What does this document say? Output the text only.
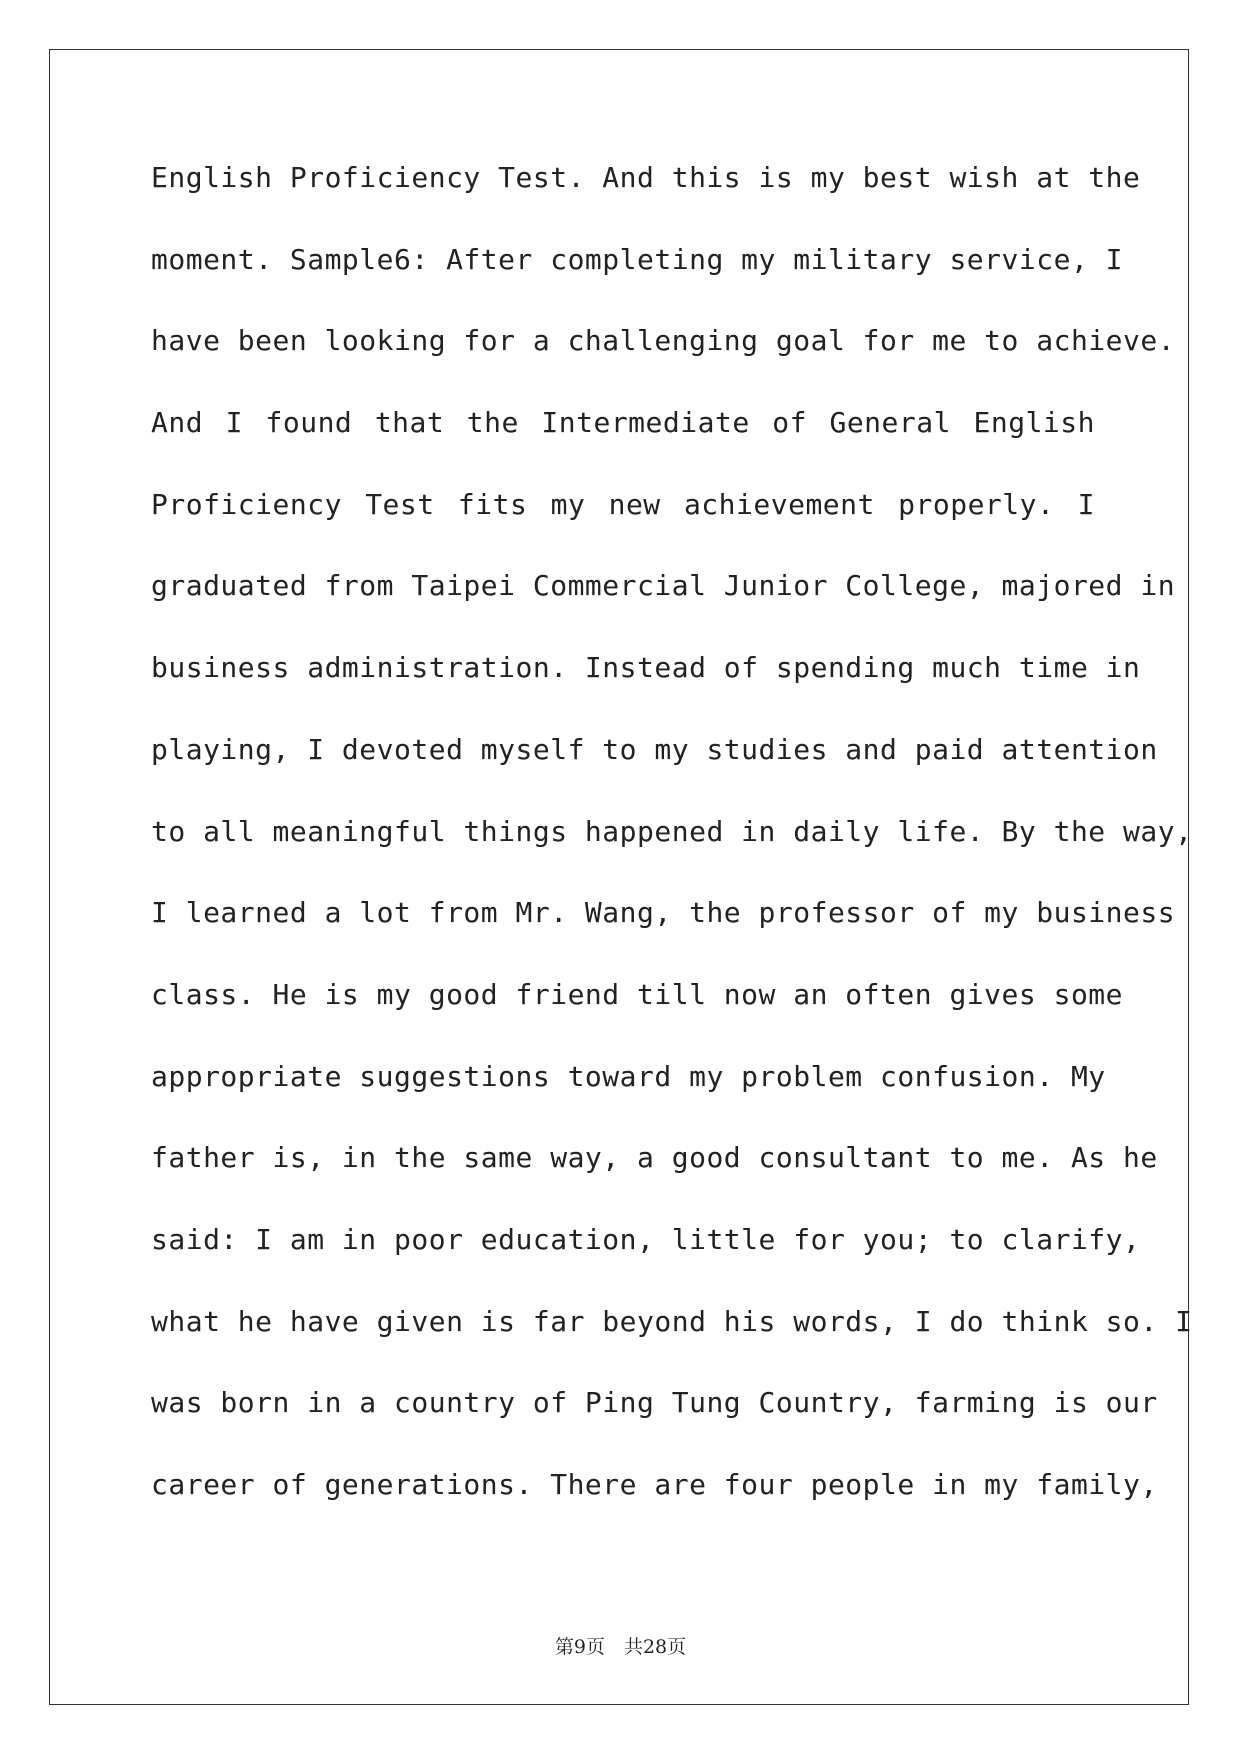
English Proficiency Test. And this is my best wish at the
moment. Sample6: After completing my military service, I
have been looking for a challenging goal for me to achieve.
And I found that the Intermediate of General English
Proficiency Test fits my new achievement properly. I
graduated from Taipei Commercial Junior College, majored in
business administration. Instead of spending much time in
playing, I devoted myself to my studies and paid attention
to all meaningful things happened in daily life. By the way,
I learned a lot from Mr. Wang, the professor of my business
class. He is my good friend till now an often gives some
appropriate suggestions toward my problem confusion. My
father is, in the same way, a good consultant to me. As he
said: I am in poor education, little for you; to clarify,
what he have given is far beyond his words, I do think so. I
was born in a country of Ping Tung Country, farming is our
career of generations. There are four people in my family,
第9页　共28页
